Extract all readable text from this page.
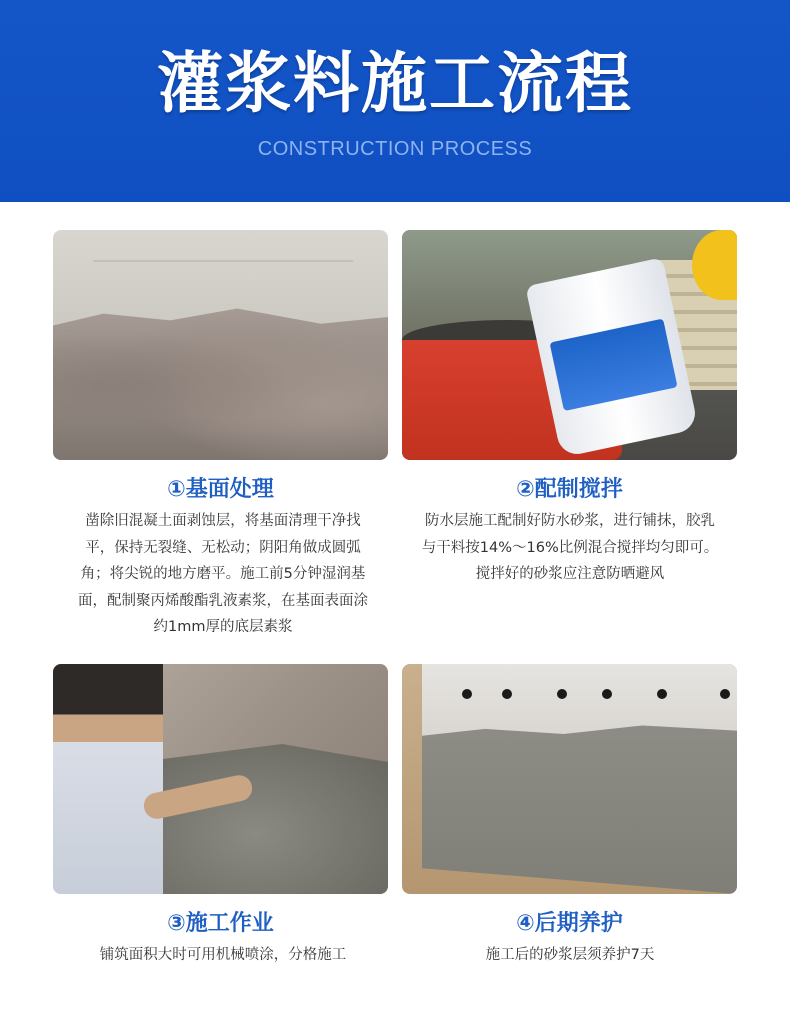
灌浆料施工流程
CONSTRUCTION PROCESS
①基面处理
凿除旧混凝土面剥蚀层，将基面清理干净找平，保持无裂缝、无松动；阴阳角做成圆弧角；将尖锐的地方磨平。施工前5分钟湿润基面，配制聚丙烯酸酯乳液素浆，在基面表面涂约1mm厚的底层素浆
②配制搅拌
防水层施工配制好防水砂浆，进行铺抹，胶乳与干料按14%～16%比例混合搅拌均匀即可。搅拌好的砂浆应注意防晒避风
③施工作业
铺筑面积大时可用机械喷涂，分格施工
④后期养护
施工后的砂浆层须养护7天
